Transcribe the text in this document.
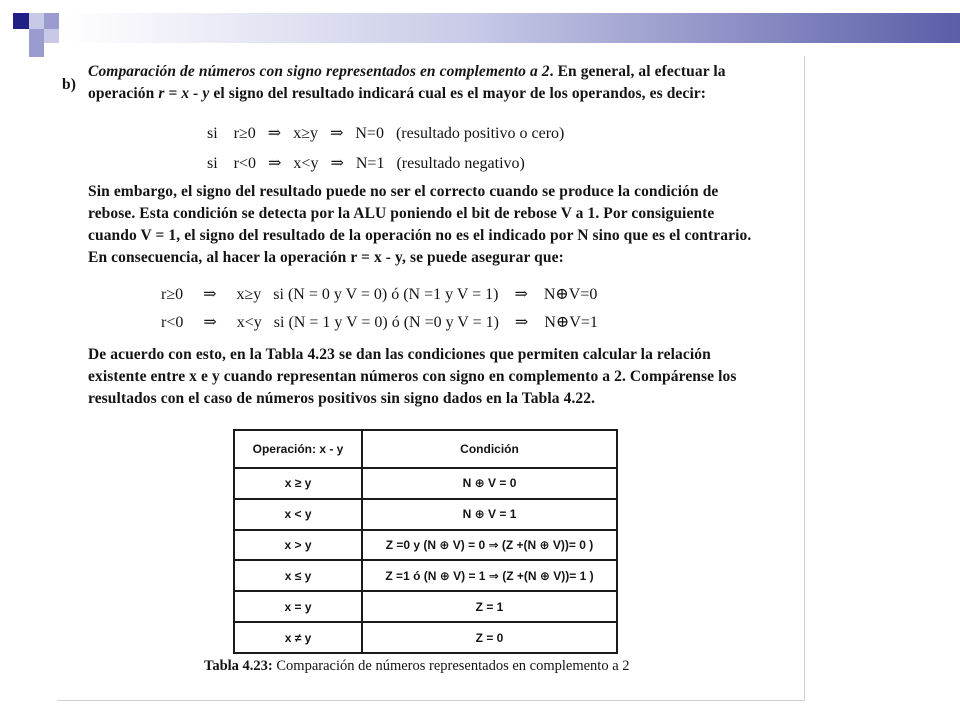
b)
Comparación de números con signo representados en complemento a 2. En general, al efectuar la
operación r = x - y el signo del resultado indicará cual es el mayor de los operandos, es decir:
si    r≥0   ⇒   x≥y   ⇒   N=0   (resultado positivo o cero)
si    r<0   ⇒   x<y   ⇒   N=1   (resultado negativo)
Sin embargo, el signo del resultado puede no ser el correcto cuando se produce la condición de
rebose. Esta condición se detecta por la ALU poniendo el bit de rebose V a 1. Por consiguiente
cuando V = 1, el signo del resultado de la operación no es el indicado por N sino que es el contrario.
En consecuencia, al hacer la operación r = x - y, se puede asegurar que:
r≥0     ⇒     x≥y   si (N = 0 y V = 0) ó (N =1 y V = 1)    ⇒    N⊕V=0
r<0     ⇒     x<y   si (N = 1 y V = 0) ó (N =0 y V = 1)    ⇒    N⊕V=1
De acuerdo con esto, en la Tabla 4.23 se dan las condiciones que permiten calcular la relación
existente entre x e y cuando representan números con signo en complemento a 2. Compárense los
resultados con el caso de números positivos sin signo dados en la Tabla 4.22.
Operación: x - y	Condición
x ≥ y	N ⊕ V = 0
x < y	N ⊕ V = 1
x > y	Z =0 y (N ⊕ V) = 0 ⇒ (Z +(N ⊕ V))= 0 )
x ≤ y	Z =1 ó (N ⊕ V) = 1 ⇒ (Z +(N ⊕ V))= 1 )
x = y	Z = 1
x ≠ y	Z = 0
Tabla 4.23: Comparación de números representados en complemento a 2
